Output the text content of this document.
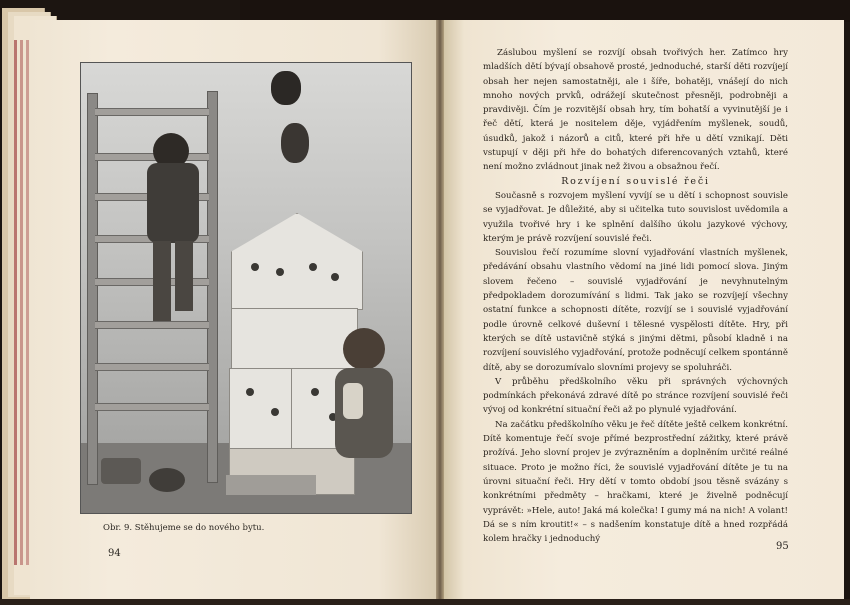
Obr. 9. Stěhujeme se do nového bytu.
94

Záslubou myšlení se rozvíjí obsah tvořivých her. Zatímco hry mladších dětí bývají obsahově prosté, jednoduché, starší děti rozvíjejí obsah her nejen samostatněji, ale i šíře, bohatěji, vnášejí do nich mnoho nových prvků, odrážejí skutečnost přesněji, podrobněji a pravdivěji. Čím je rozvitější obsah hry, tím bohatší a vyvinutější je i řeč dětí, která je nositelem děje, vyjádřením myšlenek, soudů, úsudků, jakož i názorů a citů, které při hře u dětí vznikají. Děti vstupují v ději při hře do bohatých diferencovaných vztahů, které není možno zvládnout jinak než živou a obsažnou řečí.

Rozvíjení souvislé řeči

Současně s rozvojem myšlení vyvíjí se u dětí i schopnost souvisle se vyjadřovat. Je důležité, aby si učitelka tuto souvislost uvědomila a využila tvořivé hry i ke splnění dalšího úkolu jazykové výchovy, kterým je právě rozvíjení souvislé řeči.

Souvislou řečí rozumíme slovní vyjadřování vlastních myšlenek, předávání obsahu vlastního vědomí na jiné lidi pomocí slova. Jiným slovem řečeno – souvislé vyjadřování je nevyhnutelným předpokladem dorozumívání s lidmi. Tak jako se rozvíjejí všechny ostatní funkce a schopnosti dítěte, rozvíjí se i souvislé vyjadřování podle úrovně celkové duševní i tělesné vyspělosti dítěte. Hry, při kterých se dítě ustavičně stýká s jinými dětmi, působí kladně i na rozvíjení souvislého vyjadřování, protože podněcují celkem spontánně dítě, aby se dorozumívalo slovními projevy se spoluhráči.

V průběhu předškolního věku při správných výchovných podmínkách překonává zdravé dítě po stránce rozvíjení souvislé řeči vývoj od konkrétní situační řeči až po plynulé vyjadřování.

Na začátku předškolního věku je řeč dítěte ještě celkem konkrétní. Dítě komentuje řečí svoje přímé bezprostřední zážitky, které právě prožívá. Jeho slovní projev je zvýrazněním a doplněním určité reálné situace. Proto je možno říci, že souvislé vyjadřování dítěte je tu na úrovni situační řeči. Hry dětí v tomto období jsou těsně svázány s konkrétními předměty – hračkami, které je živelně podněcují vyprávět: »Hele, auto! Jaká má kolečka! I gumy má na nich! A volant! Dá se s ním kroutit!« – s nadšením konstatuje dítě a hned rozpřádá kolem hračky i jednoduchý

95
